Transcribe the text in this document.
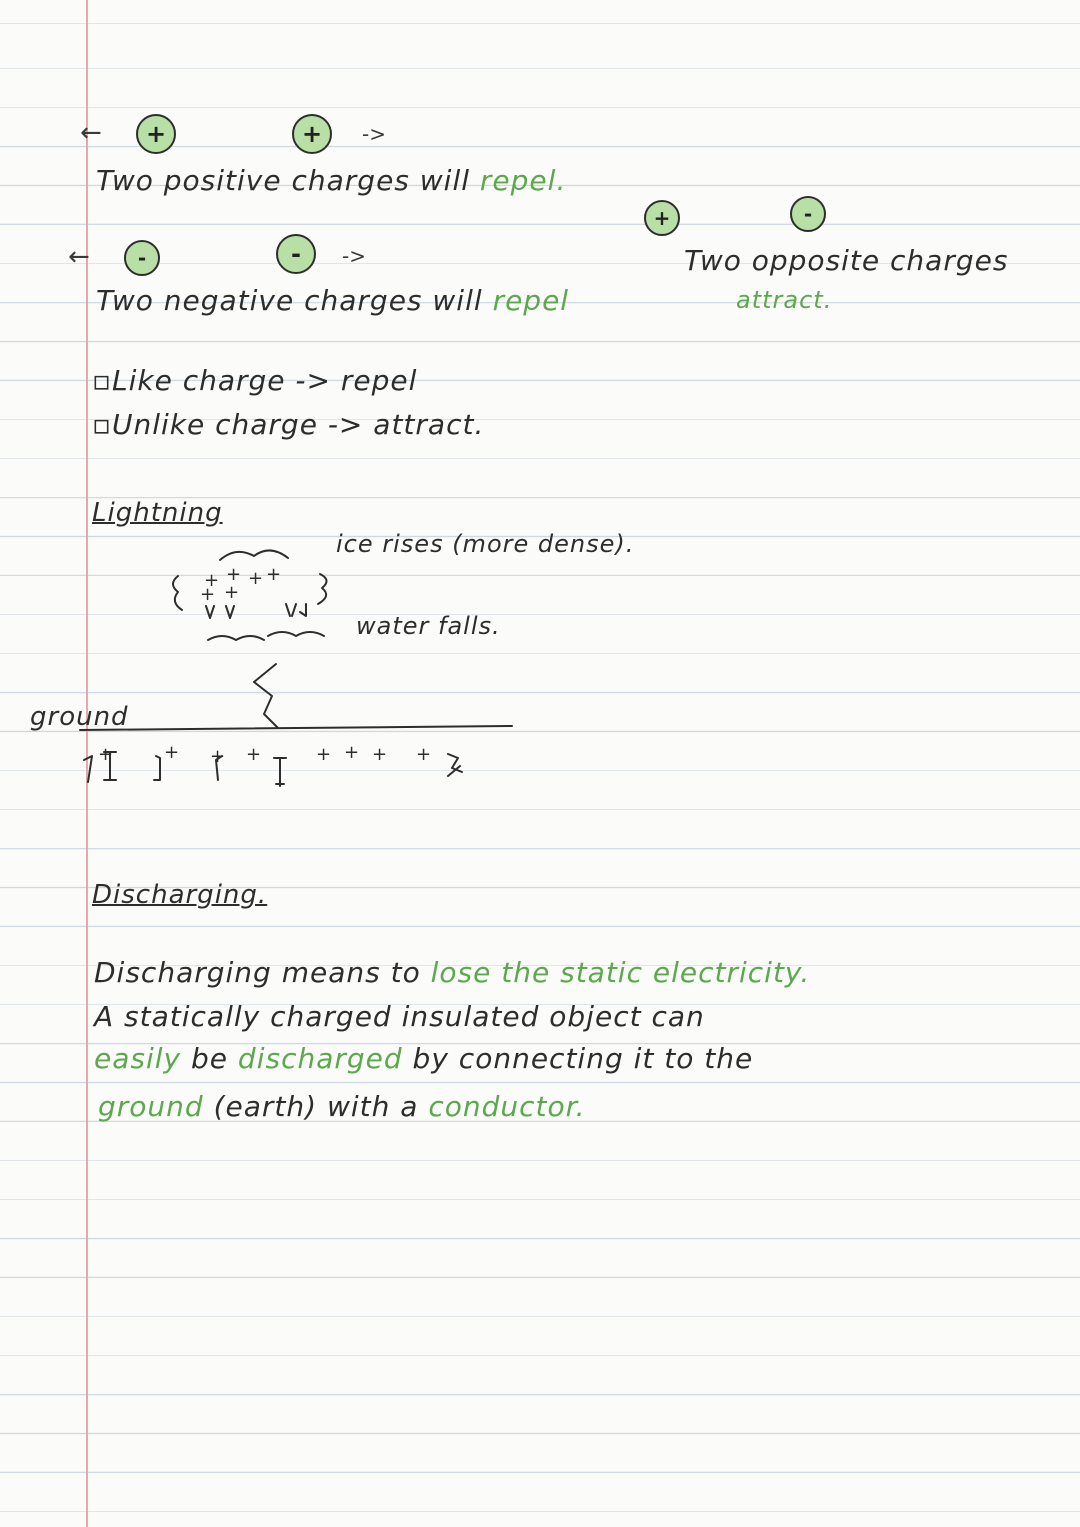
←	+	+	->
Two positive charges will repel.
+	-
Two opposite charges
attract.
←	-	-	->
Two negative charges will repel
▫Like charge -> repel
▫Unlike charge -> attract.
Lightning
ice rises (more dense).
water falls.
ground
+ + + +
+ +
+	+ + +	+ + + +
Discharging.
Discharging means to lose the static electricity.
A statically charged insulated object can
easily be discharged by connecting it to the
ground (earth) with a conductor.
